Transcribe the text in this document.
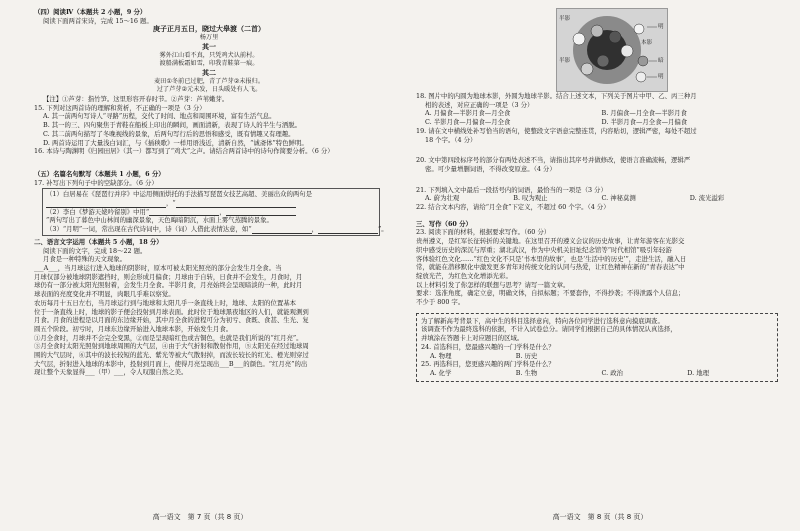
（四）阅读Ⅳ（本题共 2 小题，9 分）
阅读下面两首宋诗，完成 15～16 题。
庚子正月五日，晓过大皋渡（二首）
杨万里
其一
雾外江山看不真，只凭鸡犬认前村。
渡船满板霜如雪，印我青鞋第一痕。
其二
麦田①冬前已过肥，青了芦芽②未报归。
过了芦芽②元未发，日头暖处有人飞。
【注】①芦芽：指竹笋。这里形容开春时节。②芦芽：芦苇嫩芽。
15. 下列对这两首诗的理解和赏析，不正确的一项是（3 分）
A. 其一前两句写诗人“寻路”历程，交代了时间、地点和周围环境，富有生活气息。
B. 其一的三、四句聚焦于青鞋在船板上印出的瞬间，画面清新，表现了诗人的半生与洒脱。
C. 其二前两句描写了冬晚视线的景象，后两句写行后的思悟和感受，既有情趣又有理趣。
D. 两首诗运用了大量浅白词汇，与《插秧歌》一样用语浅近，清新自然，“诚斋体”特色鲜明。
16. 本诗与陶渊明《归园田居》（其一）都写到了“鸡犬”之声。请结合两首诗中的诗句作简要分析。（6 分）
（五）名篇名句默写（本题共 1 小题，6 分）
17. 补写出下列句子中的空缺部分。（6 分）
（1）白居易在《琵琶行并序》中运用侧面烘托的手法描写琵琶女技艺高超、美丽出众的两句是
，“
（2）李白《梦游天姥吟留别》中用“	，
”两句写出了暮色中山林间的幽深景象，天色晦暗阴沉，水面上雾气蒸腾的景象。
（3）“月明”一词，常出现在古代诗词中，诗（词）人借此表情达意，如“	，	”。
二、语言文字运用（本题共 5 小题，18 分）
阅读下面的文字，完成 18～22 题。
月食是一种特殊的天文现象。
___A___，当月球运行进入地球的阴影时，原本可被太阳光照亮的部分会发生月全食。当
月球仅部分被地球阴影遮挡时，则会形成月偏食；月球由于自转，日食并不会发生，月食时，月
球仍有一部分被太阳光照射着，会发生月全食。半影月食，月亮始终会呈现暗淡的一种，此时月
球表面的亮度变化并不明显，肉眼几乎难以察觉。
农历每月十五日左右，当月球运行到与地球和太阳几乎一条直线上时，地球、太阳的位置基本
位于一条直线上时，地球的影子便会投射到月球表面。此时位于地球黑夜地区的人们，就能观测到
月食。月食的进程是以月面的东边缘开始，其中月全食的进程可分为初亏、食既、食甚、生光、复
圆五个阶段。初亏时，月球东边缘开始进入地球本影，开始发生月食。
①月全食时，月球并不会完全变黑，②而是呈现暗红色或古铜色，也就是我们所说的“红月亮”。
③月全食时太阳光照射到地球周围的大气层，④由于大气折射和散射作用，⑤太阳光在经过地球周
围的大气层时，⑥其中的波长较短的蓝光、紫光等被大气散射掉，而波长较长的红光、橙光则穿过
大气层，折射进入地球的本影中，投射到月面上，使得月亮呈现出___B___的颜色。“红月亮”的出
现让整个天象显得___（甲）___，令人叹服自然之美。
高一语文　第 7 页（共 8 页）
半影
本影
明
暗
半影
明
18. 图片中的内圆为地球本影，外圆为地球半影。结合上述文本，下列关于图片中甲、乙、丙三种月
相的表述，对应正确的一项是（3 分）
A. 月偏食—半影月食—月全食	B. 月偏食—月全食—半影月食
C. 半影月食—月偏食—月全食	D. 半影月食—月全食—月偏食
19. 请在文中横线处补写恰当的语句，使整段文字语意完整连贯，内容贴切，逻辑严密，每处不超过
18 个字。（4 分）
20. 文中第四段标序号的部分有两处表述不当，请指出其序号并做修改，使语言准确流畅，逻辑严
密。可少量增删词语，不得改变原意。（4 分）
21. 下列填入文中最后一段括号内的词语，最恰当的一项是（3 分）
A. 蔚为壮观	B. 叹为观止	C. 神秘莫测	D. 流光溢彩
22. 结合文本内容，请给“月全食”下定义，不超过 60 个字。（4 分）
三、写作（60 分）
23. 阅读下面的材料，根据要求写作。（60 分）
贵州遵义，是红军长征转折的关键地。在这里召开的遵义会议的历史故事，让青年游客在光影交
织中感受历史的深沉与厚重；湖北武汉，作为中央机关旧址纪念馆等“时代相馆”吸引年轻游
客体验红色文化……“红色文化不只是‘书本里的故事’，也是‘生活中的历史’”，走进生活，融入日
常，就能在潜移默化中激发更多青年对传统文化的认同与热爱，让红色精神在新的“青春表达”中
绽放光芒，为红色文化增添光彩。
以上材料引发了你怎样的联想与思考？请写一篇文章。
要求：选准角度，确定立意，明确文体，自拟标题；不要套作，不得抄袭；不得泄露个人信息；
不少于 800 字。
为了解新高考背景下，高中生的科目选择意向，特向各位同学进行选科意向摸底调查。
该调查不作为最终选科的依据，不计入试卷总分。请同学们根据自己的具体情况认真选择，
并填涂在答题卡上对应题目的区域。
24. 首选科目，您最感兴趣的一门学科是什么？
A. 物理	B. 历史
25. 再选科目，您更感兴趣的两门学科是什么？
A. 化学	B. 生物	C. 政治	D. 地理
高一语文　第 8 页（共 8 页）
